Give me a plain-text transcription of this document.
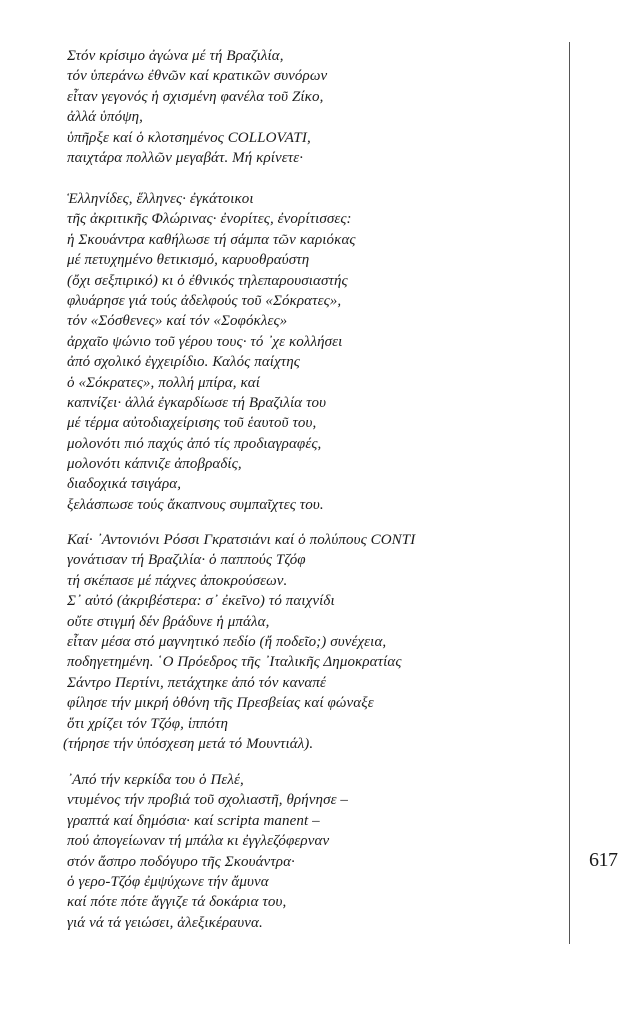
Στόν κρίσιμο ἀγώνα μέ τή Βραζιλία,
τόν ὑπεράνω ἐθνῶν καί κρατικῶν συνόρων
εἶταν γεγονός ἡ σχισμένη φανέλα τοῦ Ζίκο,
ἀλλά ὑπόψη,
ὑπῆρξε καί ὁ κλοτσημένος COLLOVATI,
παιχτάρα πολλῶν μεγαβάτ. Μή κρίνετε·
Ἑλληνίδες, ἕλληνες· ἐγκάτοικοι
τῆς ἀκριτικῆς Φλώρινας· ἐνορίτες, ἐνορίτισσες:
ἡ Σκουάντρα καθήλωσε τή σάμπα τῶν καριόκας
μέ πετυχημένο θετικισμό, καρυοθραύστη
(ὄχι σεξπιρικό) κι ὁ ἐθνικός τηλεπαρουσιαστής
φλυάρησε γιά τούς ἀδελφούς τοῦ «Σόκρατες»,
τόν «Σόσθενες» καί τόν «Σοφόκλες»
ἀρχαῖο ψώνιο τοῦ γέρου τους· τό ᾽χε κολλήσει
ἀπό σχολικό ἐγχειρίδιο. Καλός παίχτης
ὁ «Σόκρατες», πολλή μπίρα, καί
καπνίζει· ἀλλά ἐγκαρδίωσε τή Βραζιλία του
μέ τέρμα αὐτοδιαχείρισης τοῦ ἑαυτοῦ του,
μολονότι πιό παχύς ἀπό τίς προδιαγραφές,
μολονότι κάπνιζε ἀποβραδίς,
διαδοχικά τσιγάρα,
ξελάσπωσε τούς ἄκαπνους συμπαῖχτες του.
Καί· ᾽Αντονιόνι Ρόσσι Γκρατσιάνι καί ὁ πολύπους CONTI
γονάτισαν τή Βραζιλία· ὁ παππούς Τζόφ
τή σκέπασε μέ πάχνες ἀποκρούσεων.
Σ᾽ αὐτό (ἀκριβέστερα: σ᾽ ἐκεῖνο) τό παιχνίδι
οὔτε στιγμή δέν βράδυνε ἡ μπάλα,
εἶταν μέσα στό μαγνητικό πεδίο (ἤ ποδεῖο;) συνέχεια,
ποδηγετημένη. ῾Ο Πρόεδρος τῆς ᾽Ιταλικῆς Δημοκρατίας
Σάντρο Περτίνι, πετάχτηκε ἀπό τόν καναπέ
φίλησε τήν μικρή ὀθόνη τῆς Πρεσβείας καί φώναξε
ὅτι χρίζει τόν Τζόφ, ἱππότη
(τήρησε τήν ὑπόσχεση μετά τό Μουντιάλ).
᾽Από τήν κερκίδα του ὁ Πελέ,
ντυμένος τήν προβιά τοῦ σχολιαστῆ, θρήνησε –
γραπτά καί δημόσια· καί scripta manent –
πού ἀπογείωναν τή μπάλα κι ἐγγλεζόφερναν
στόν ἄσπρο ποδόγυρο τῆς Σκουάντρα·
ὁ γερο-Τζόφ ἐμψύχωνε τήν ἄμυνα
καί πότε πότε ἄγγιζε τά δοκάρια του,
γιά νά τά γειώσει, ἀλεξικέραυνα.
617
